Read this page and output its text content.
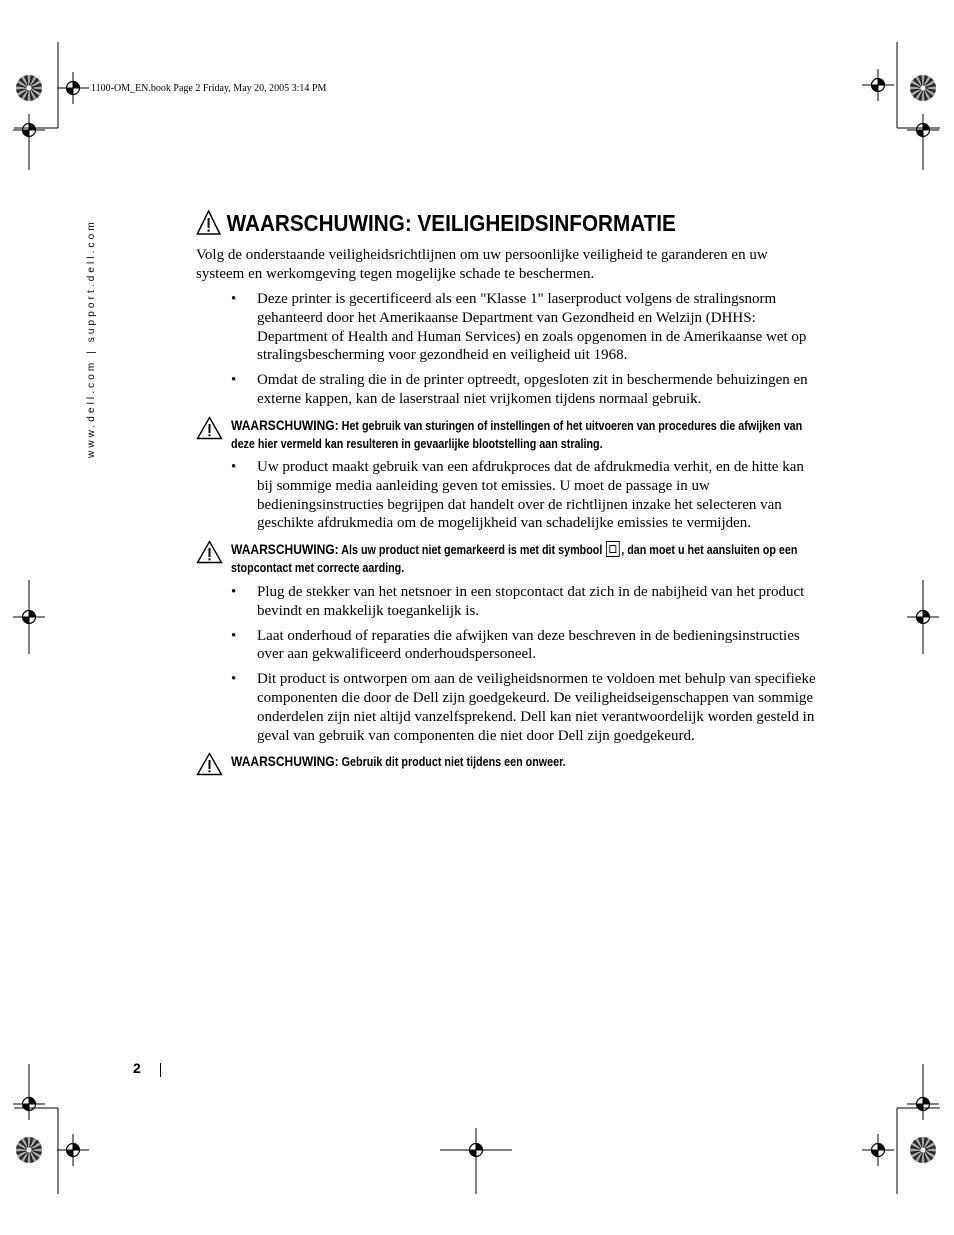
1100-OM_EN.book Page 2 Friday, May 20, 2005 3:14 PM
www.dell.com | support.dell.com	WAARSCHUWING: VEILIGHEIDSINFORMATIE
Volg de onderstaande veiligheidsrichtlijnen om uw persoonlijke veiligheid te garanderen en uw systeem en werkomgeving tegen mogelijke schade te beschermen.
• Deze printer is gecertificeerd als een "Klasse 1" laserproduct volgens de stralingsnorm gehanteerd door het Amerikaanse Department van Gezondheid en Welzijn (DHHS: Department of Health and Human Services) en zoals opgenomen in de Amerikaanse wet op stralingsbescherming voor gezondheid en veiligheid uit 1968.
• Omdat de straling die in de printer optreedt, opgesloten zit in beschermende behuizingen en externe kappen, kan de laserstraal niet vrijkomen tijdens normaal gebruik.
WAARSCHUWING: Het gebruik van sturingen of instellingen of het uitvoeren van procedures die afwijken van deze hier vermeld kan resulteren in gevaarlijke blootstelling aan straling.
• Uw product maakt gebruik van een afdrukproces dat de afdrukmedia verhit, en de hitte kan bij sommige media aanleiding geven tot emissies. U moet de passage in uw bedieningsinstructies begrijpen dat handelt over de richtlijnen inzake het selecteren van geschikte afdrukmedia om de mogelijkheid van schadelijke emissies te vermijden.
WAARSCHUWING: Als uw product niet gemarkeerd is met dit symbool , dan moet u het aansluiten op een stopcontact met correcte aarding.
• Plug de stekker van het netsnoer in een stopcontact dat zich in de nabijheid van het product bevindt en makkelijk toegankelijk is.
• Laat onderhoud of reparaties die afwijken van deze beschreven in de bedieningsinstructies over aan gekwalificeerd onderhoudspersoneel.
• Dit product is ontworpen om aan de veiligheidsnormen te voldoen met behulp van specifieke componenten die door de Dell zijn goedgekeurd. De veiligheidseigenschappen van sommige onderdelen zijn niet altijd vanzelfsprekend. Dell kan niet verantwoordelijk worden gesteld in geval van gebruik van componenten die niet door Dell zijn goedgekeurd.
WAARSCHUWING: Gebruik dit product niet tijdens een onweer.
2
